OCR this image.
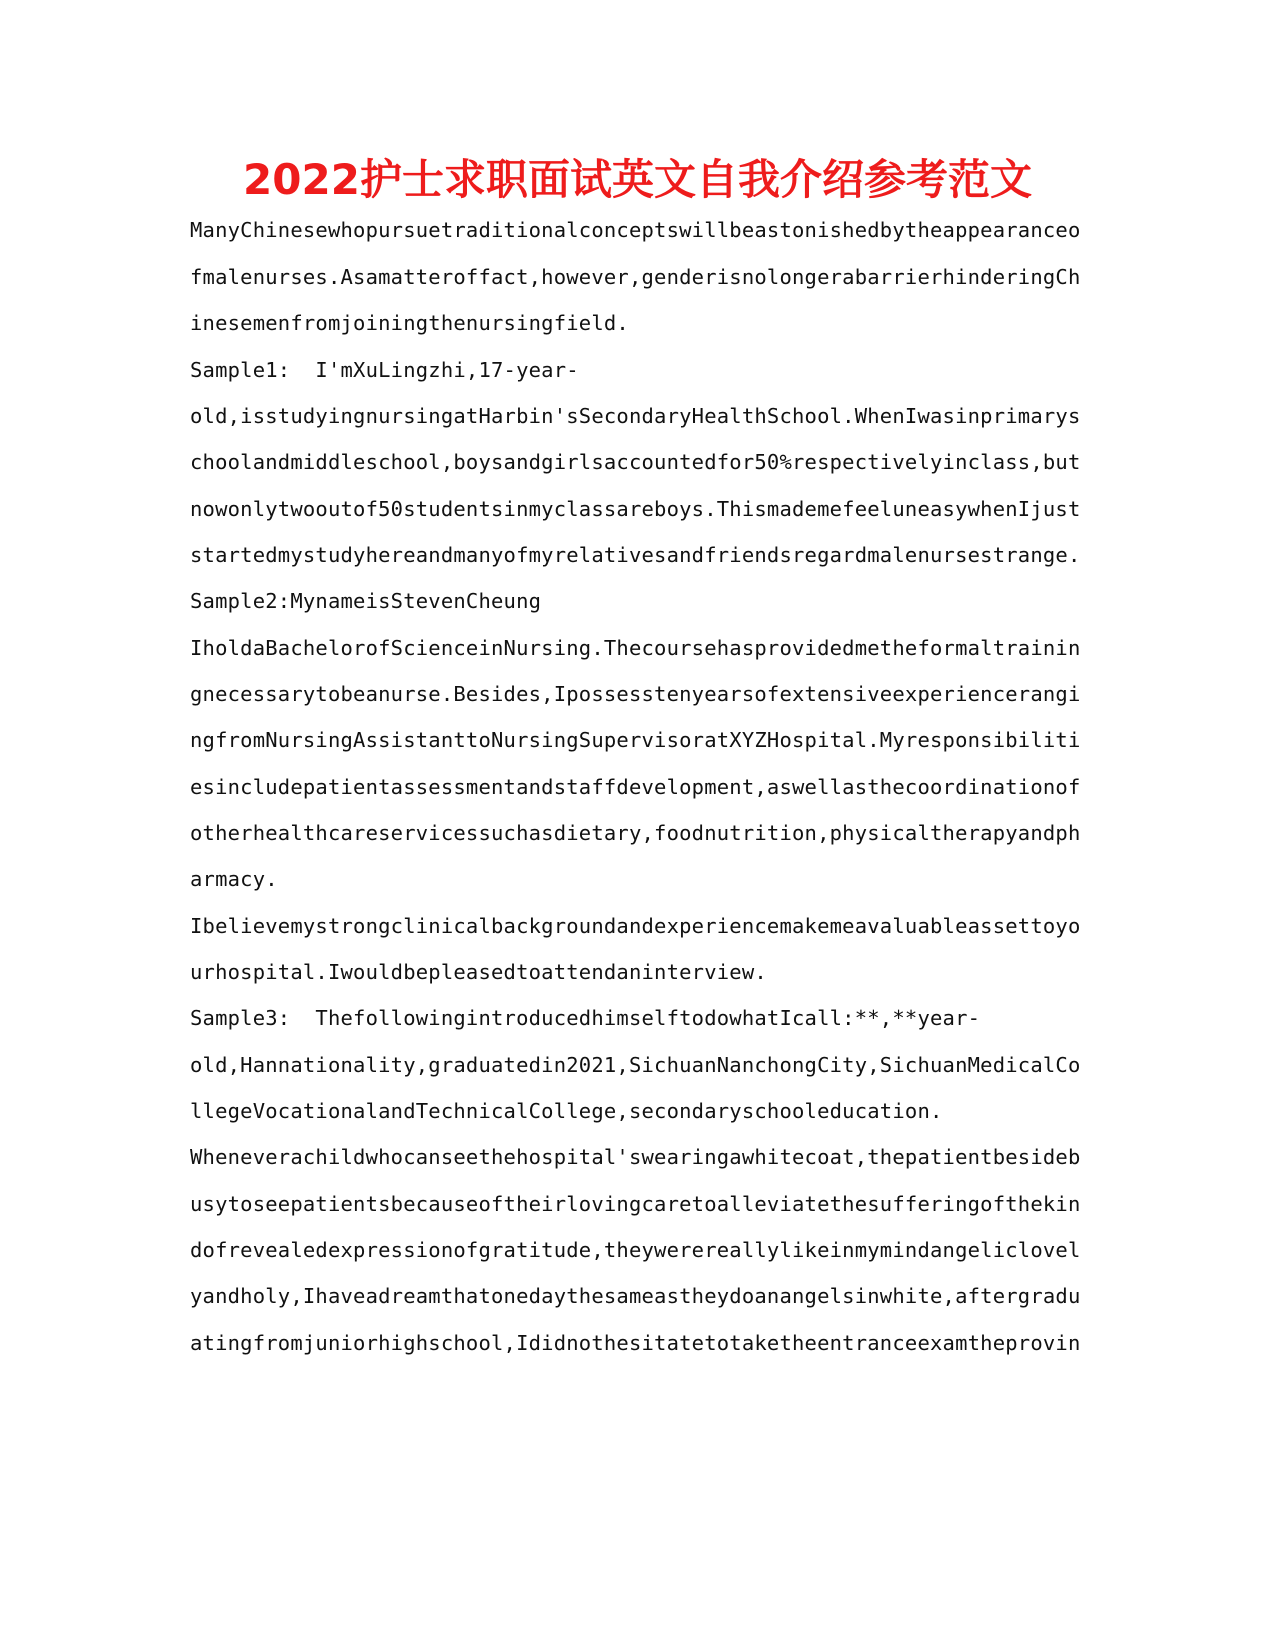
2022护士求职面试英文自我介绍参考范文
ManyChinesewhopursuetraditionalconceptswillbeastonishedbytheappearanceo
fmalenurses.Asamatteroffact,however,genderisnolongerabarrierhinderingCh
inesemenfromjoiningthenursingfield.
Sample1:  I'mXuLingzhi,17-year-
old,isstudyingnursingatHarbin'sSecondaryHealthSchool.WhenIwasinprimarys
choolandmiddleschool,boysandgirlsaccountedfor50%respectivelyinclass,but
nowonlytwooutof50studentsinmyclassareboys.ThismademefeeluneasywhenIjust
startedmystudyhereandmanyofmyrelativesandfriendsregardmalenursestrange.
Sample2:MynameisStevenCheung
IholdaBachelorofScienceinNursing.Thecoursehasprovidedmetheformaltrainin
gnecessarytobeanurse.Besides,Ipossesstenyearsofextensiveexperiencerangi
ngfromNursingAssistanttoNursingSupervisoratXYZHospital.Myresponsibiliti
esincludepatientassessmentandstaffdevelopment,aswellasthecoordinationof
otherhealthcareservicessuchasdietary,foodnutrition,physicaltherapyandph
armacy.
Ibelievemystrongclinicalbackgroundandexperiencemakemeavaluableassettoyo
urhospital.Iwouldbepleasedtoattendaninterview.
Sample3:  ThefollowingintroducedhimselftodowhatIcall:**,**year-
old,Hannationality,graduatedin2021,SichuanNanchongCity,SichuanMedicalCo
llegeVocationalandTechnicalCollege,secondaryschooleducation.
Wheneverachildwhocanseethehospital'swearingawhitecoat,thepatientbesideb
usytoseepatientsbecauseoftheirlovingcaretoalleviatethesufferingofthekin
dofrevealedexpressionofgratitude,theywerereallylikeinmymindangeliclovel
yandholy,Ihaveadreamthatonedaythesameastheydoanangelsinwhite,aftergradu
atingfromjuniorhighschool,Ididnothesitatetotaketheentranceexamtheprovin
